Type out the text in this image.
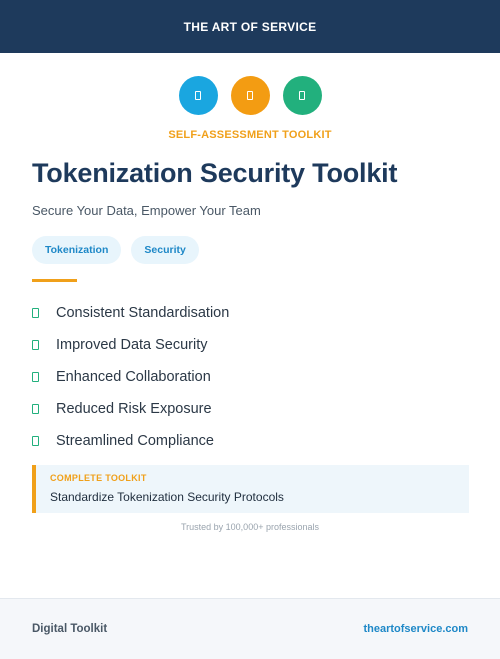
THE ART OF SERVICE
SELF-ASSESSMENT TOOLKIT
Tokenization Security Toolkit

Secure Your Data, Empower Your Team

Tokenization	Security
Consistent Standardisation
Improved Data Security
Enhanced Collaboration
Reduced Risk Exposure
Streamlined Compliance
COMPLETE TOOLKIT
Standardize Tokenization Security Protocols
Trusted by 100,000+ professionals
Digital Toolkit	theartofservice.com
